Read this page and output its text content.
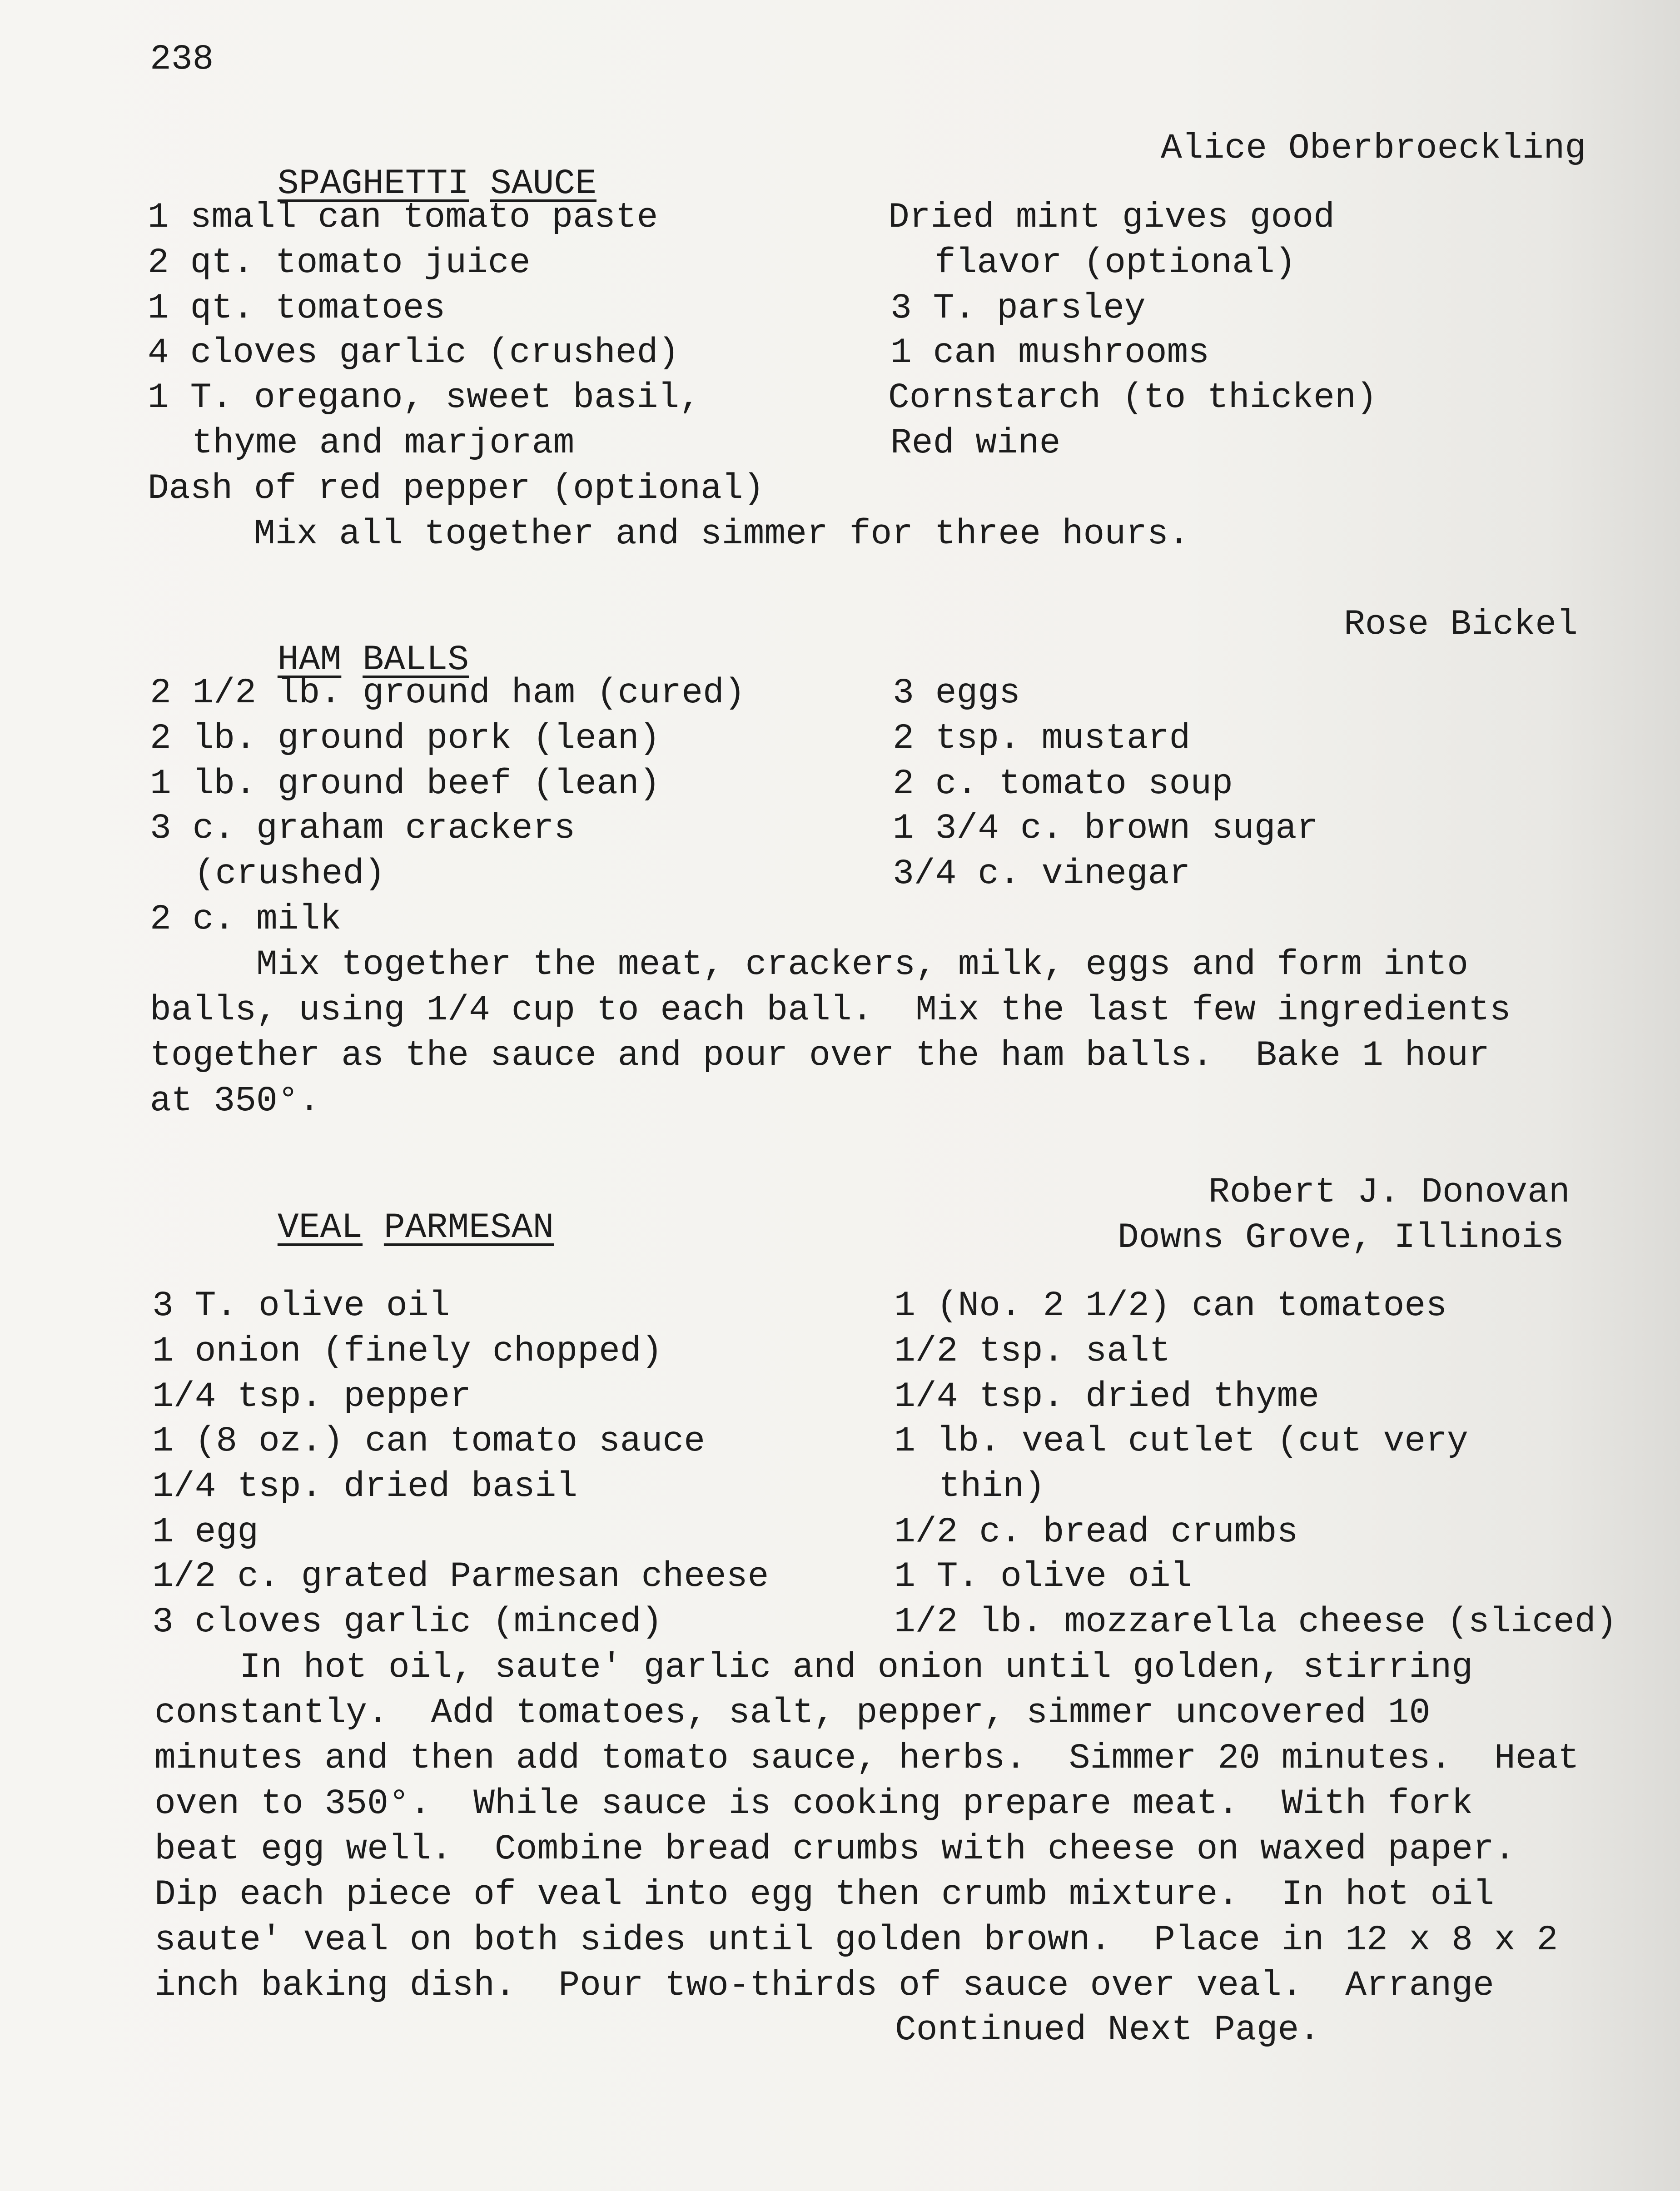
238

SPAGHETTI SAUCE

Alice Oberbroeckling
1 small can tomato paste
2 qt. tomato juice
1 qt. tomatoes
4 cloves garlic (crushed)
1 T. oregano, sweet basil,
thyme and marjoram
Dash of red pepper (optional)
Dried mint gives good
flavor (optional)
3 T. parsley
1 can mushrooms
Cornstarch (to thicken)
Red wine
Mix all together and simmer for three hours.

HAM BALLS

Rose Bickel
2 1/2 lb. ground ham (cured)
2 lb. ground pork (lean)
1 lb. ground beef (lean)
3 c. graham crackers
(crushed)
2 c. milk
3 eggs
2 tsp. mustard
2 c. tomato soup
1 3/4 c. brown sugar
3/4 c. vinegar
Mix together the meat, crackers, milk, eggs and form into
balls, using 1/4 cup to each ball.  Mix the last few ingredients
together as the sauce and pour over the ham balls.  Bake 1 hour
at 350°.

VEAL PARMESAN

Robert J. Donovan
Downs Grove, Illinois
3 T. olive oil
1 onion (finely chopped)
1/4 tsp. pepper
1 (8 oz.) can tomato sauce
1/4 tsp. dried basil
1 egg
1/2 c. grated Parmesan cheese
3 cloves garlic (minced)
1 (No. 2 1/2) can tomatoes
1/2 tsp. salt
1/4 tsp. dried thyme
1 lb. veal cutlet (cut very
thin)
1/2 c. bread crumbs
1 T. olive oil
1/2 lb. mozzarella cheese (sliced)
In hot oil, saute' garlic and onion until golden, stirring
constantly.  Add tomatoes, salt, pepper, simmer uncovered 10
minutes and then add tomato sauce, herbs.  Simmer 20 minutes.  Heat
oven to 350°.  While sauce is cooking prepare meat.  With fork
beat egg well.  Combine bread crumbs with cheese on waxed paper.
Dip each piece of veal into egg then crumb mixture.  In hot oil
saute' veal on both sides until golden brown.  Place in 12 x 8 x 2
inch baking dish.  Pour two-thirds of sauce over veal.  Arrange
Continued Next Page.
